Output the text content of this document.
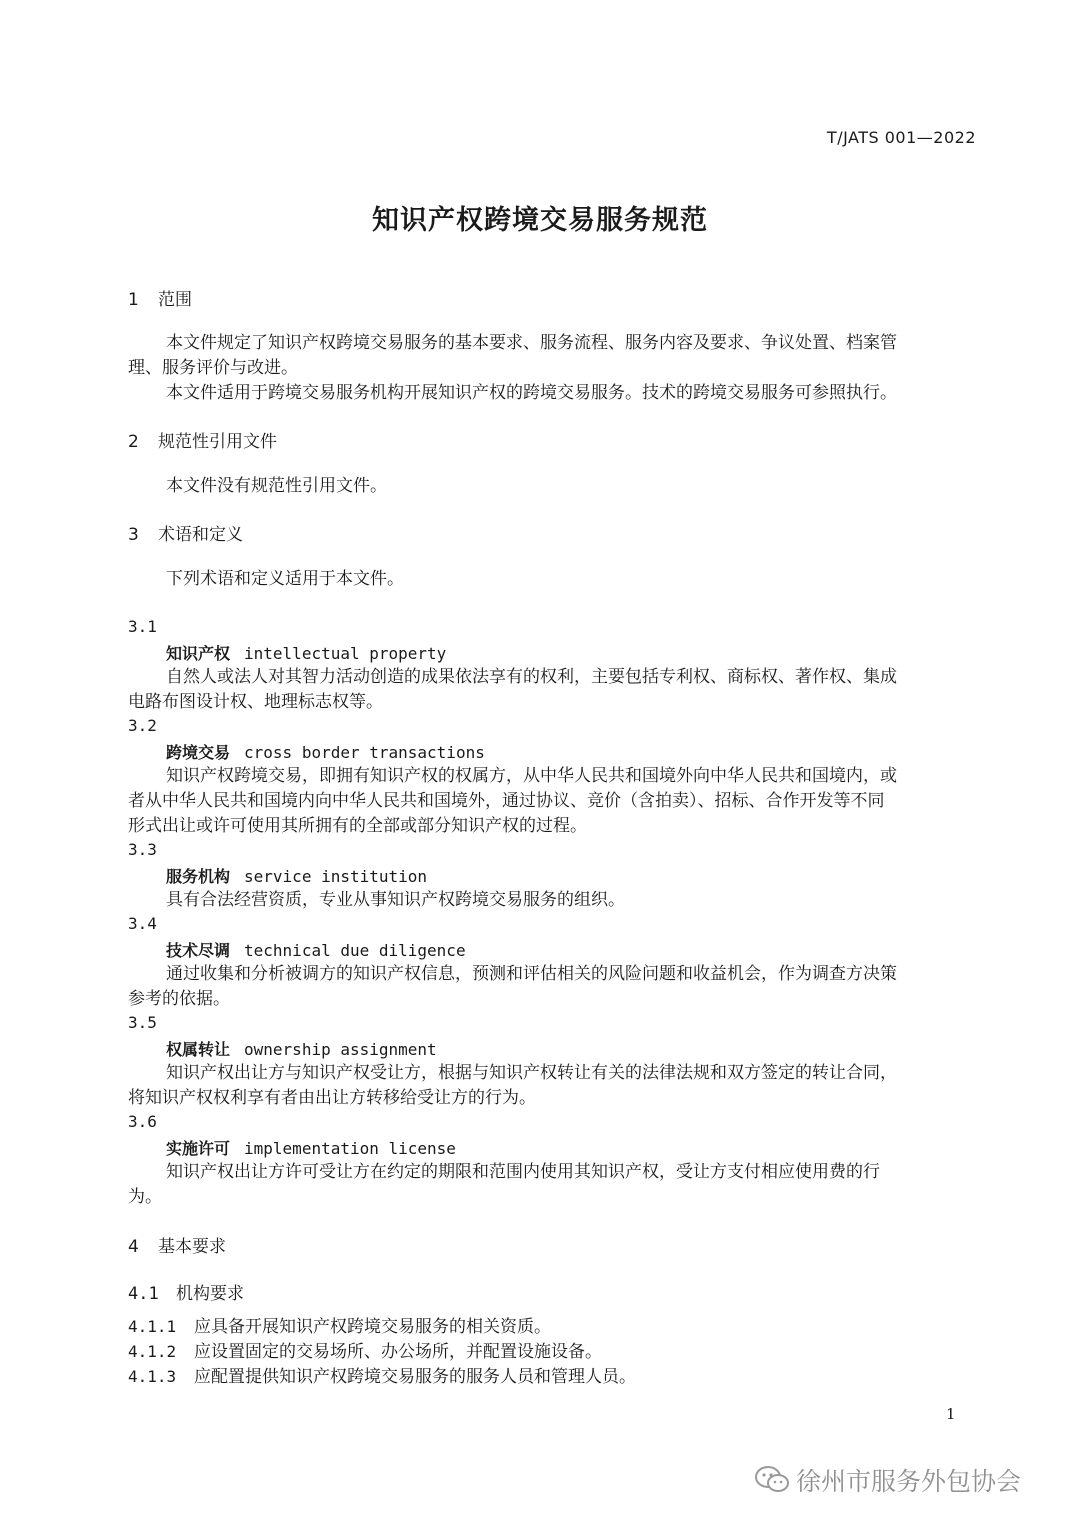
T/JATS 001—2022
知识产权跨境交易服务规范
1 范围
本文件规定了知识产权跨境交易服务的基本要求、服务流程、服务内容及要求、争议处置、档案管
理、服务评价与改进。
本文件适用于跨境交易服务机构开展知识产权的跨境交易服务。技术的跨境交易服务可参照执行。
2 规范性引用文件
本文件没有规范性引用文件。
3 术语和定义
下列术语和定义适用于本文件。
3.1
知识产权 intellectual property
自然人或法人对其智力活动创造的成果依法享有的权利，主要包括专利权、商标权、著作权、集成
电路布图设计权、地理标志权等。
3.2
跨境交易 cross border transactions
知识产权跨境交易，即拥有知识产权的权属方，从中华人民共和国境外向中华人民共和国境内，或
者从中华人民共和国境内向中华人民共和国境外，通过协议、竞价（含拍卖）、招标、合作开发等不同
形式出让或许可使用其所拥有的全部或部分知识产权的过程。
3.3
服务机构 service institution
具有合法经营资质，专业从事知识产权跨境交易服务的组织。
3.4
技术尽调 technical due diligence
通过收集和分析被调方的知识产权信息，预测和评估相关的风险问题和收益机会，作为调查方决策
参考的依据。
3.5
权属转让 ownership assignment
知识产权出让方与知识产权受让方，根据与知识产权转让有关的法律法规和双方签定的转让合同，
将知识产权权利享有者由出让方转移给受让方的行为。
3.6
实施许可 implementation license
知识产权出让方许可受让方在约定的期限和范围内使用其知识产权，受让方支付相应使用费的行
为。
4 基本要求
4.1 机构要求
4.1.1 应具备开展知识产权跨境交易服务的相关资质。
4.1.2 应设置固定的交易场所、办公场所，并配置设施设备。
4.1.3 应配置提供知识产权跨境交易服务的服务人员和管理人员。
1
徐州市服务外包协会
